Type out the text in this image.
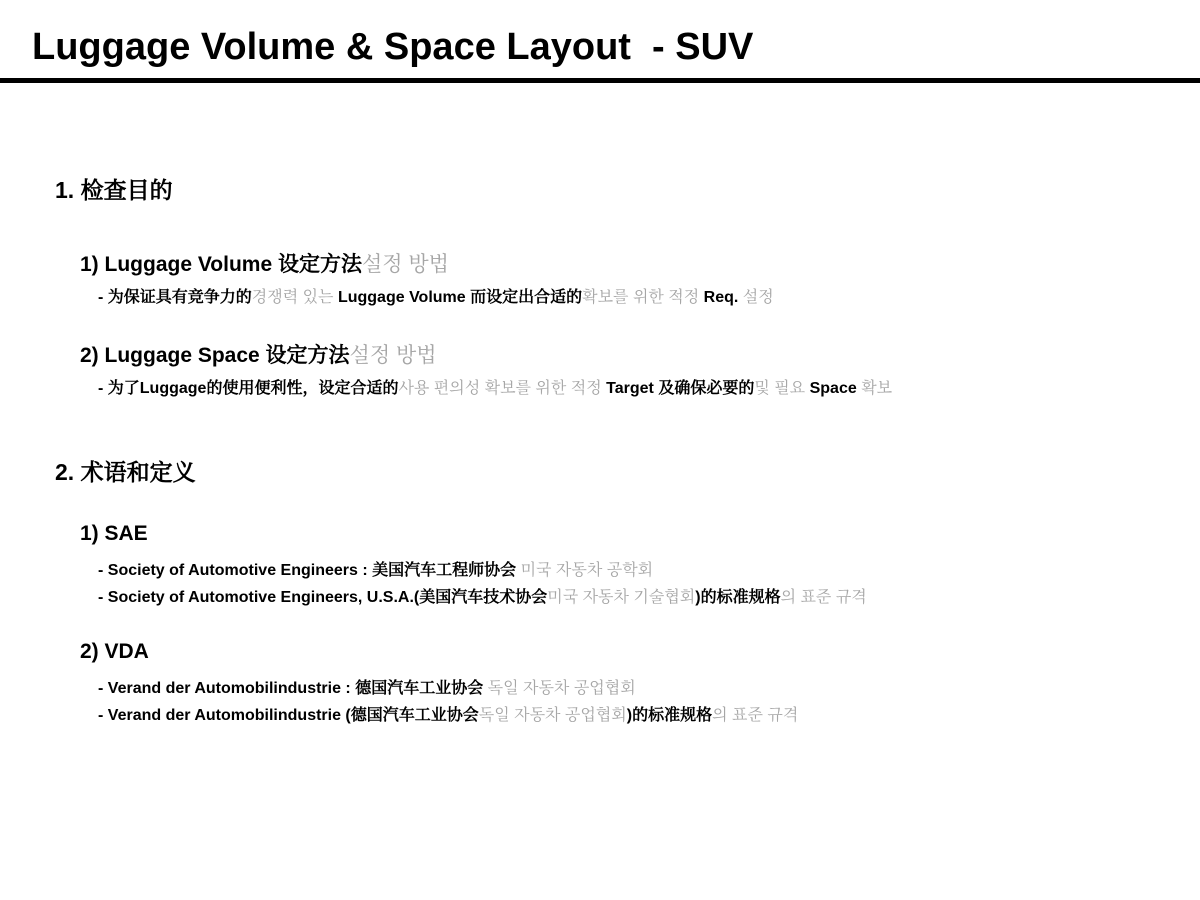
Luggage Volume & Space Layout  - SUV
1. 检查目的
1) Luggage Volume 设定方法설정 방법
- 为保证具有竞争力的경쟁력 있는 Luggage Volume 而设定出合适的확보를 위한 적정 Req. 설정
2) Luggage Space 设定方法설정 방법
- 为了Luggage的使用便利性，设定合适的사용 편의성 확보를 위한 적정 Target 及确保必要的및 필요 Space 확보
2. 术语和定义
1) SAE
- Society of Automotive Engineers : 美国汽车工程师协会 미국 자동차 공학회
- Society of Automotive Engineers, U.S.A.(美国汽车技术协会미국 자동차 기술협회)的标准规格의 표준 규격
2) VDA
- Verand der Automobilindustrie : 德国汽车工业协会 독일 자동차 공업협회
- Verand der Automobilindustrie (德国汽车工业协会독일 자동차 공업협회)的标准规格의 표준 규격
